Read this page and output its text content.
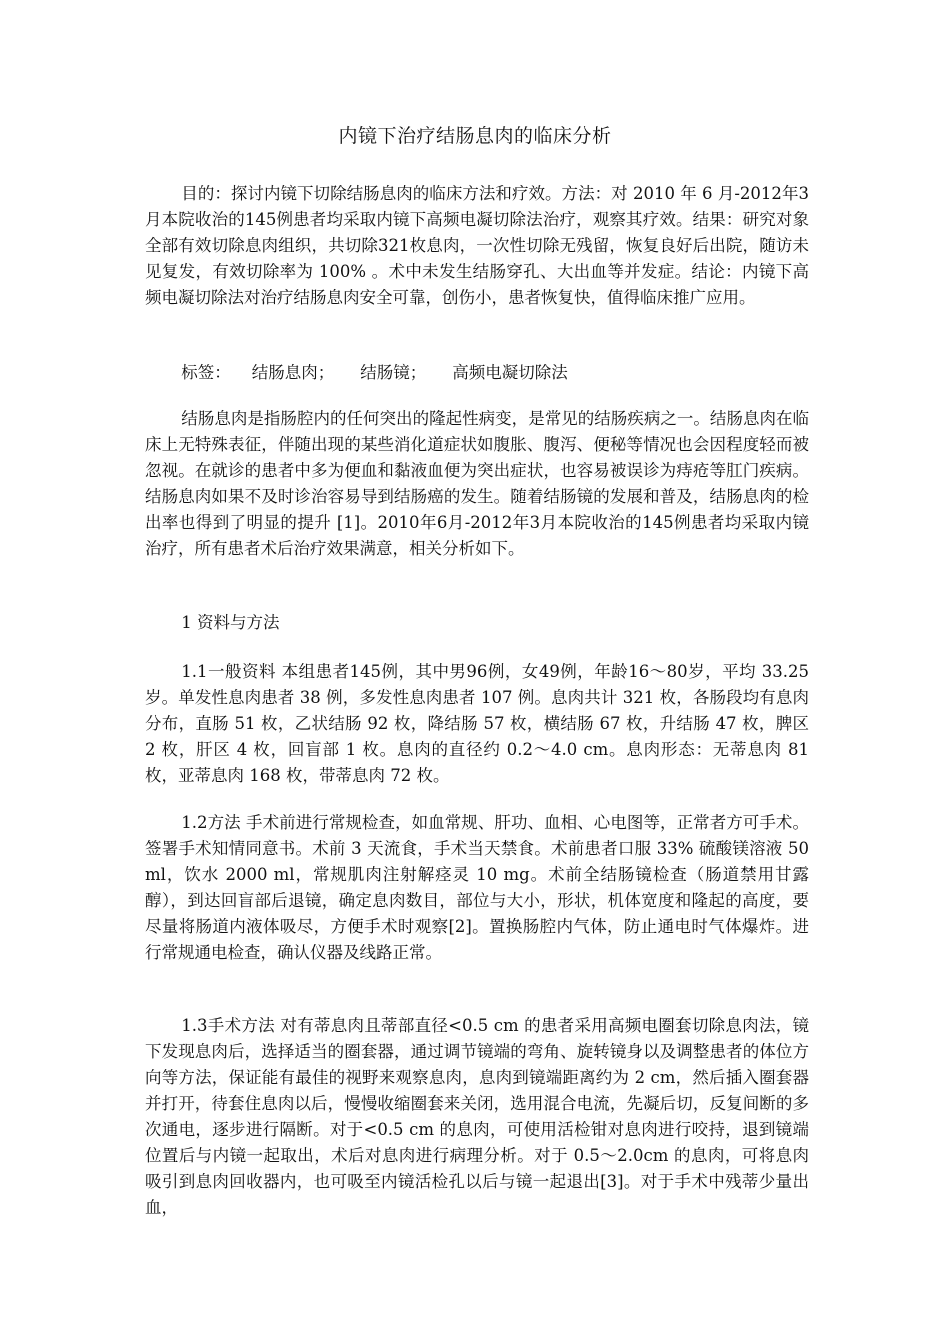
内镜下治疗结肠息肉的临床分析

目的：探讨内镜下切除结肠息肉的临床方法和疗效。方法：对 2010 年 6 月-2012年3月本院收治的145例患者均采取内镜下高频电凝切除法治疗，观察其疗效。结果：研究对象全部有效切除息肉组织，共切除321枚息肉，一次性切除无残留，恢复良好后出院，随访未见复发，有效切除率为 100% 。术中未发生结肠穿孔、大出血等并发症。结论：内镜下高频电凝切除法对治疗结肠息肉安全可靠，创伤小，患者恢复快，值得临床推广应用。

标签： 结肠息肉； 结肠镜； 高频电凝切除法

结肠息肉是指肠腔内的任何突出的隆起性病变，是常见的结肠疾病之一。结肠息肉在临床上无特殊表征，伴随出现的某些消化道症状如腹胀、腹泻、便秘等情况也会因程度轻而被忽视。在就诊的患者中多为便血和黏液血便为突出症状，也容易被误诊为痔疮等肛门疾病。结肠息肉如果不及时诊治容易导到结肠癌的发生。随着结肠镜的发展和普及，结肠息肉的检出率也得到了明显的提升 [1]。2010年6月-2012年3月本院收治的145例患者均采取内镜治疗，所有患者术后治疗效果满意，相关分析如下。

1 资料与方法

1.1一般资料 本组患者145例，其中男96例，女49例，年龄16～80岁，平均 33.25岁。单发性息肉患者 38 例，多发性息肉患者 107 例。息肉共计 321 枚，各肠段均有息肉分布，直肠 51 枚，乙状结肠 92 枚，降结肠 57 枚，横结肠 67 枚，升结肠 47 枚，脾区 2 枚，肝区 4 枚，回盲部 1 枚。息肉的直径约 0.2～4.0 cm。息肉形态：无蒂息肉 81 枚，亚蒂息肉 168 枚，带蒂息肉 72 枚。

1.2方法 手术前进行常规检查，如血常规、肝功、血相、心电图等，正常者方可手术。签署手术知情同意书。术前 3 天流食，手术当天禁食。术前患者口服 33% 硫酸镁溶液 50 ml，饮水 2000 ml，常规肌肉注射解痉灵 10 mg。术前全结肠镜检查（肠道禁用甘露醇），到达回盲部后退镜，确定息肉数目，部位与大小，形状，机体宽度和隆起的高度，要尽量将肠道内液体吸尽，方便手术时观察[2]。置换肠腔内气体，防止通电时气体爆炸。进行常规通电检查，确认仪器及线路正常。

1.3手术方法 对有蒂息肉且蒂部直径<0.5 cm 的患者采用高频电圈套切除息肉法，镜下发现息肉后，选择适当的圈套器，通过调节镜端的弯角、旋转镜身以及调整患者的体位方向等方法，保证能有最佳的视野来观察息肉，息肉到镜端距离约为 2 cm，然后插入圈套器并打开，待套住息肉以后，慢慢收缩圈套来关闭，选用混合电流，先凝后切，反复间断的多次通电，逐步进行隔断。对于<0.5 cm 的息肉，可使用活检钳对息肉进行咬持，退到镜端位置后与内镜一起取出，术后对息肉进行病理分析。对于 0.5～2.0cm 的息肉，可将息肉吸引到息肉回收器内，也可吸至内镜活检孔以后与镜一起退出[3]。对于手术中残蒂少量出血，
